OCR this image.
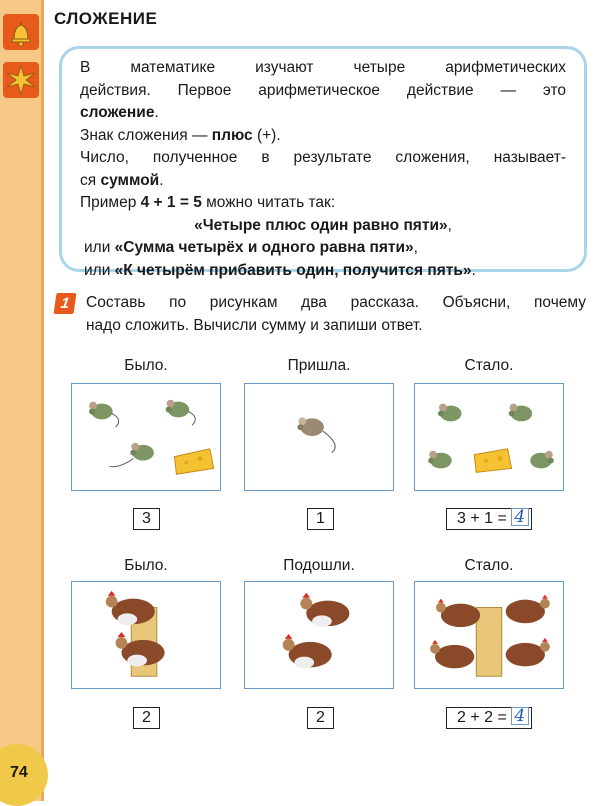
СЛОЖЕНИЕ
В математике изучают четыре арифметических
действия. Первое арифметическое действие — это
сложение.
Знак сложения — плюс (+).
Число, полученное в результате сложения, называет-
ся суммой.
Пример 4 + 1 = 5 можно читать так:
«Четыре плюс один равно пяти»,
или «Сумма четырёх и одного равна пяти»,
или «К четырём прибавить один, получится пять».
1	Составь по рисункам два рассказа. Объясни, почему
надо сложить. Вычисли сумму и запиши ответ.
Было.	Пришла.	Стало.
3	1	3 + 1 = 4
Было.	Подошли.	Стало.
2	2	2 + 2 = 4
74
